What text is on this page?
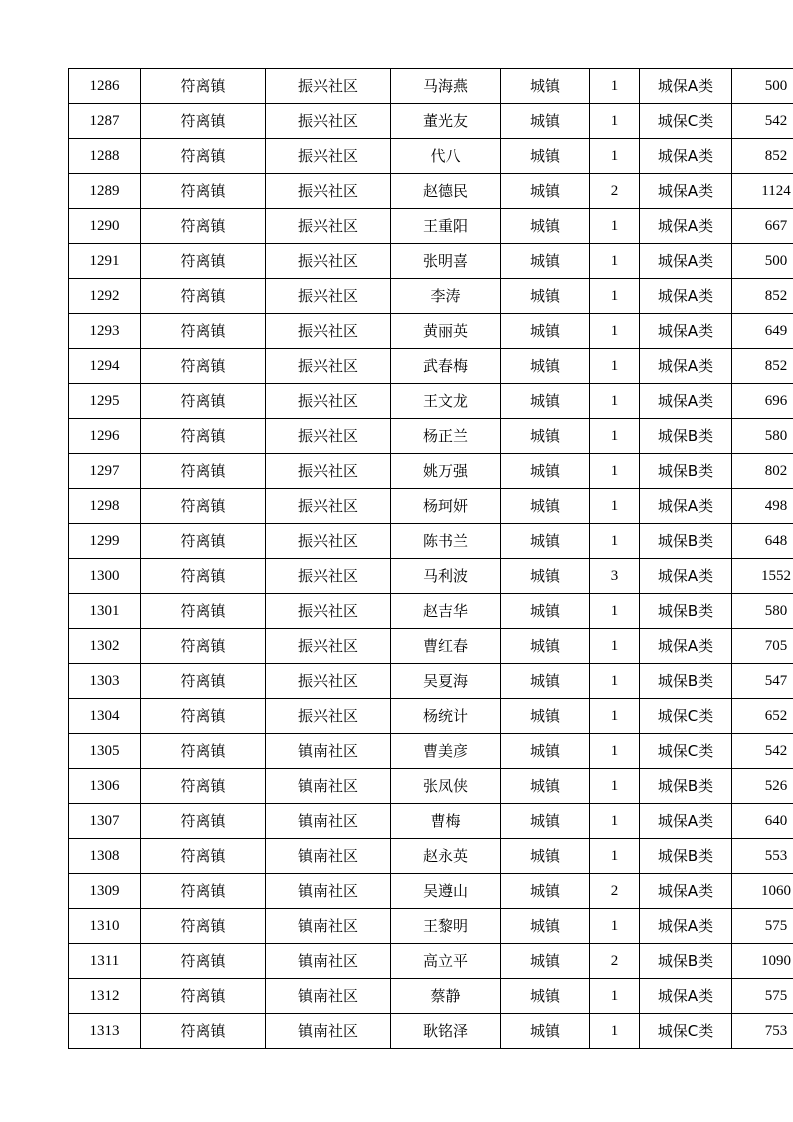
1286	符离镇	振兴社区	马海燕	城镇	1	城保A类	500
1287	符离镇	振兴社区	董光友	城镇	1	城保C类	542
1288	符离镇	振兴社区	代八	城镇	1	城保A类	852
1289	符离镇	振兴社区	赵德民	城镇	2	城保A类	1124
1290	符离镇	振兴社区	王重阳	城镇	1	城保A类	667
1291	符离镇	振兴社区	张明喜	城镇	1	城保A类	500
1292	符离镇	振兴社区	李涛	城镇	1	城保A类	852
1293	符离镇	振兴社区	黄丽英	城镇	1	城保A类	649
1294	符离镇	振兴社区	武春梅	城镇	1	城保A类	852
1295	符离镇	振兴社区	王文龙	城镇	1	城保A类	696
1296	符离镇	振兴社区	杨正兰	城镇	1	城保B类	580
1297	符离镇	振兴社区	姚万强	城镇	1	城保B类	802
1298	符离镇	振兴社区	杨珂妍	城镇	1	城保A类	498
1299	符离镇	振兴社区	陈书兰	城镇	1	城保B类	648
1300	符离镇	振兴社区	马利波	城镇	3	城保A类	1552
1301	符离镇	振兴社区	赵吉华	城镇	1	城保B类	580
1302	符离镇	振兴社区	曹红春	城镇	1	城保A类	705
1303	符离镇	振兴社区	吴夏海	城镇	1	城保B类	547
1304	符离镇	振兴社区	杨统计	城镇	1	城保C类	652
1305	符离镇	镇南社区	曹美彦	城镇	1	城保C类	542
1306	符离镇	镇南社区	张凤侠	城镇	1	城保B类	526
1307	符离镇	镇南社区	曹梅	城镇	1	城保A类	640
1308	符离镇	镇南社区	赵永英	城镇	1	城保B类	553
1309	符离镇	镇南社区	吴遵山	城镇	2	城保A类	1060
1310	符离镇	镇南社区	王黎明	城镇	1	城保A类	575
1311	符离镇	镇南社区	高立平	城镇	2	城保B类	1090
1312	符离镇	镇南社区	蔡静	城镇	1	城保A类	575
1313	符离镇	镇南社区	耿铭泽	城镇	1	城保C类	753
